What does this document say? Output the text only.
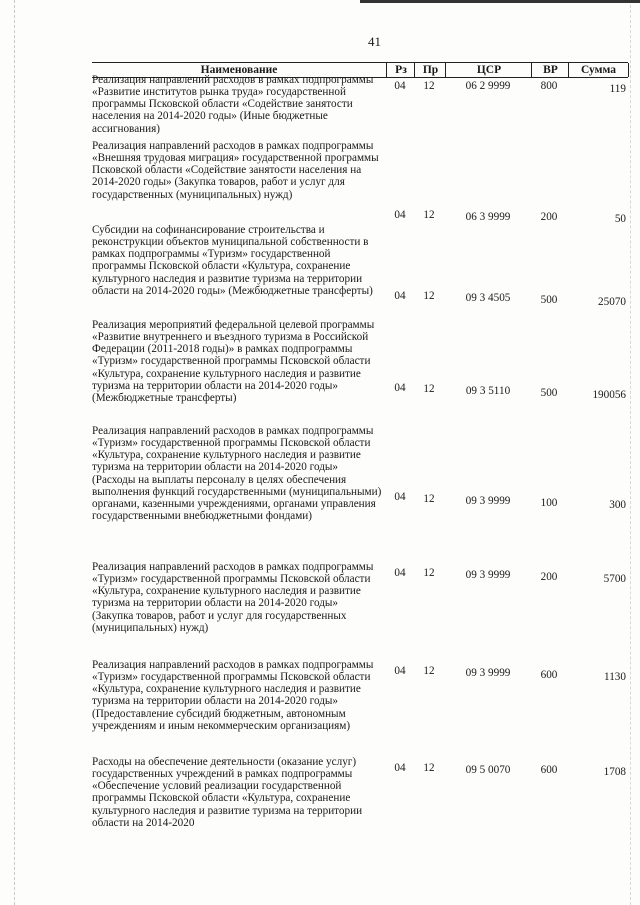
41
Наименование	Рз	Пр	ЦСР	ВР	Сумма
Реализация направлений расходов в рамках подпрограммы «Развитие институтов рынка труда» государственной программы Псковской области «Содействие занятости населения на 2014-2020 годы» (Иные бюджетные ассигнования)
04	12	06 2 9999	800	119
Реализация направлений расходов в рамках подпрограммы «Внешняя трудовая миграция» государственной программы Псковской области «Содействие занятости населения на 2014-2020 годы» (Закупка товаров, работ и услуг для государственных (муниципальных) нужд)
04	12	06 3 9999	200	50
Субсидии на софинансирование строительства и реконструкции объектов муниципальной собственности в рамках подпрограммы «Туризм» государственной программы Псковской области «Культура, сохранение культурного наследия и развитие туризма на территории области на 2014-2020 годы» (Межбюджетные трансферты)	04	12	09 3 4505	500	25070
Реализация мероприятий федеральной целевой программы «Развитие внутреннего и въездного туризма в Российской Федерации (2011-2018 годы)» в рамках подпрограммы «Туризм» государственной программы Псковской области «Культура, сохранение культурного наследия и развитие туризма на территории области на 2014-2020 годы» (Межбюджетные трансферты)
04	12	09 3 5110	500	190056
Реализация направлений расходов в рамках подпрограммы «Туризм» государственной программы Псковской области «Культура, сохранение культурного наследия и развитие туризма на территории области на 2014-2020 годы» (Расходы на выплаты персоналу в целях обеспечения выполнения функций государственными (муниципальными) органами, казенными учреждениями, органами управления государственными внебюджетными фондами)
04	12	09 3 9999	100	300
Реализация направлений расходов в рамках подпрограммы «Туризм» государственной программы Псковской области «Культура, сохранение культурного наследия и развитие туризма на территории области на 2014-2020 годы» (Закупка товаров, работ и услуг для государственных (муниципальных) нужд)
04	12	09 3 9999	200	5700
Реализация направлений расходов в рамках подпрограммы «Туризм» государственной программы Псковской области «Культура, сохранение культурного наследия и развитие туризма на территории области на 2014-2020 годы» (Предоставление субсидий бюджетным, автономным учреждениям и иным некоммерческим организациям)
04	12	09 3 9999	600	1130
Расходы на обеспечение деятельности (оказание услуг) государственных учреждений в рамках подпрограммы «Обеспечение условий реализации государственной программы Псковской области «Культура, сохранение культурного наследия и развитие туризма на территории области на 2014-2020
04	12	09 5 0070	600	1708
